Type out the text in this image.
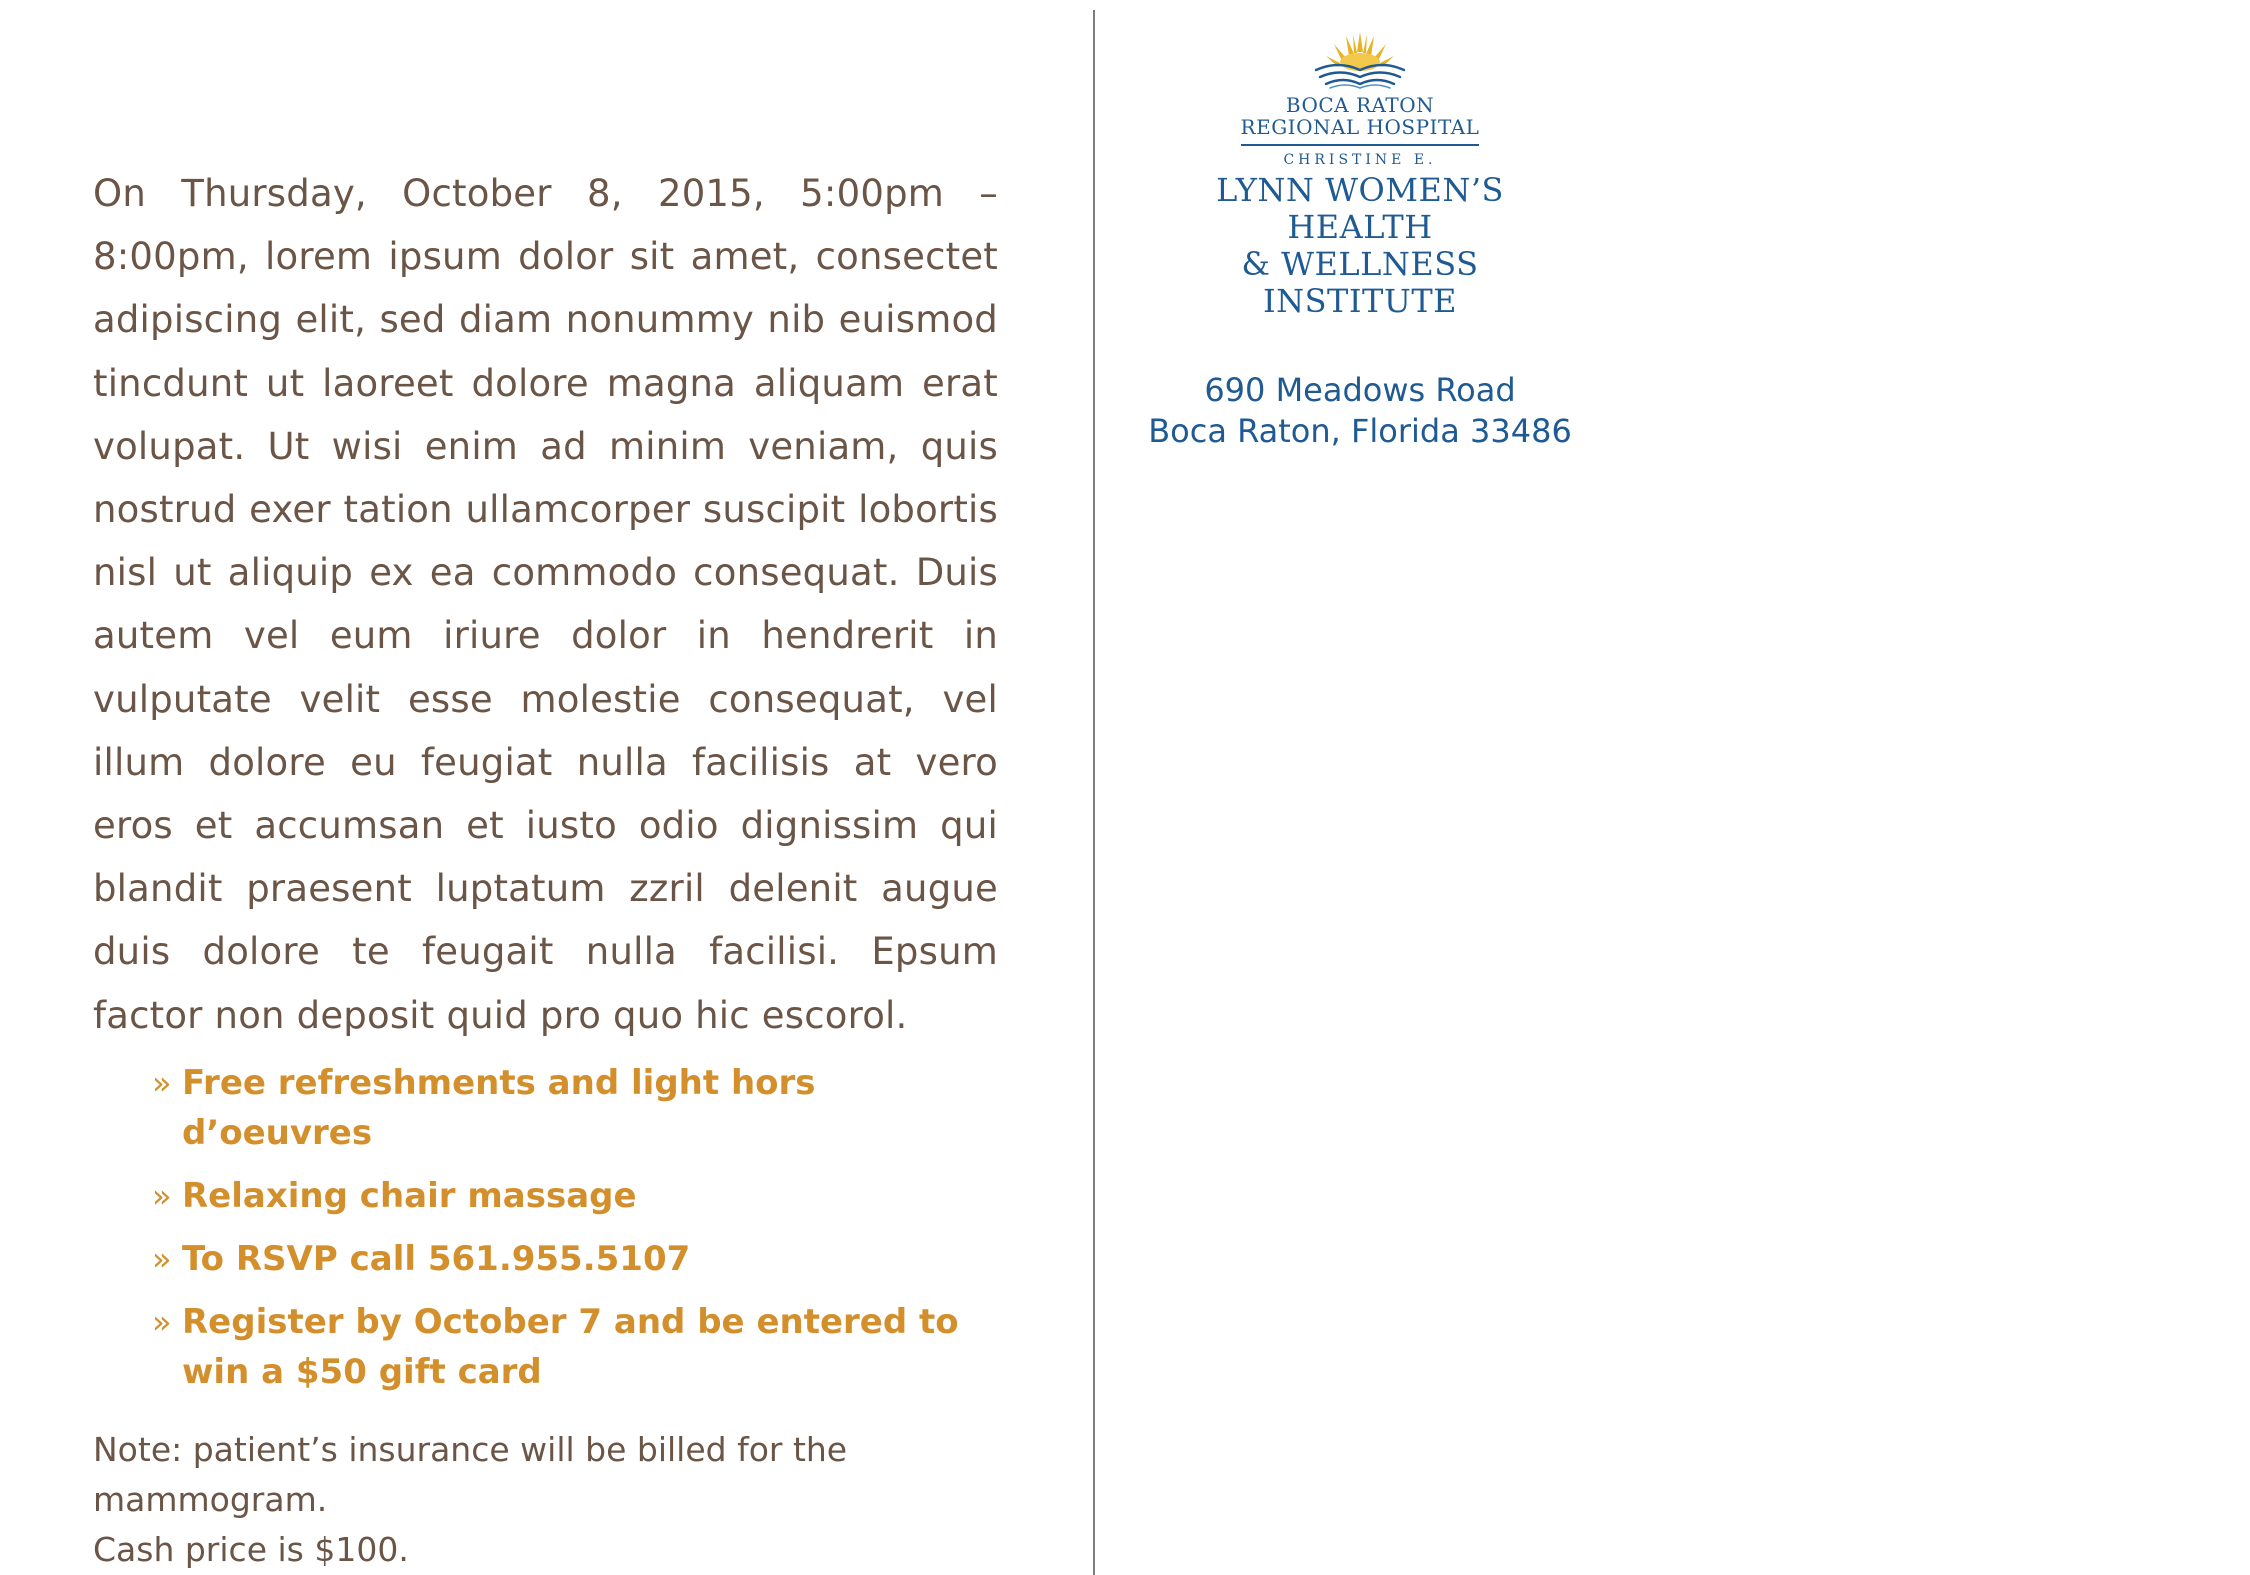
On Thursday, October 8, 2015, 5:00pm – 8:00pm, lorem ipsum dolor sit amet, consectet adipiscing elit, sed diam nonummy nib euismod tincdunt ut laoreet dolore magna aliquam erat volupat. Ut wisi enim ad minim veniam, quis nostrud exer tation ullamcorper suscipit lobortis nisl ut aliquip ex ea commodo consequat. Duis autem vel eum iriure dolor in hendrerit in vulputate velit esse molestie consequat, vel illum dolore eu feugiat nulla facilisis at vero eros et accumsan et iusto odio dignissim qui blandit praesent luptatum zzril delenit augue duis dolore te feugait nulla facilisi. Epsum factor non deposit quid pro quo hic escorol.

» Free refreshments and light hors d’oeuvres
» Relaxing chair massage
» To RSVP call 561.955.5107
» Register by October 7 and be entered to win a $50 gift card
Note: patient’s insurance will be billed for the mammogram.
Cash price is $100.
BOCA RATON
REGIONAL HOSPITAL
CHRISTINE E.
LYNN WOMEN’S HEALTH
& WELLNESS INSTITUTE
690 Meadows Road
Boca Raton, Florida 33486
